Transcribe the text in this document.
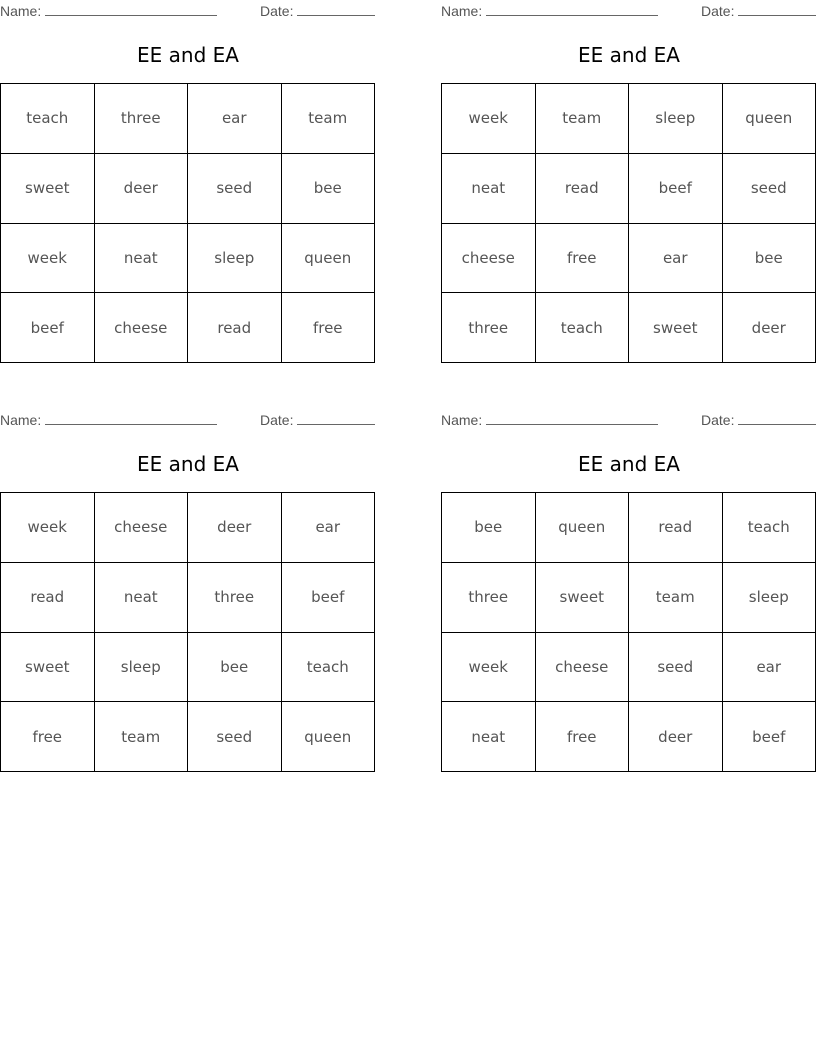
Name:	Date:
EE and EA
teach	three	ear	team
sweet	deer	seed	bee
week	neat	sleep	queen
beef	cheese	read	free
Name:	Date:
EE and EA
week	team	sleep	queen
neat	read	beef	seed
cheese	free	ear	bee
three	teach	sweet	deer
Name:	Date:
EE and EA
week	cheese	deer	ear
read	neat	three	beef
sweet	sleep	bee	teach
free	team	seed	queen
Name:	Date:
EE and EA
bee	queen	read	teach
three	sweet	team	sleep
week	cheese	seed	ear
neat	free	deer	beef
